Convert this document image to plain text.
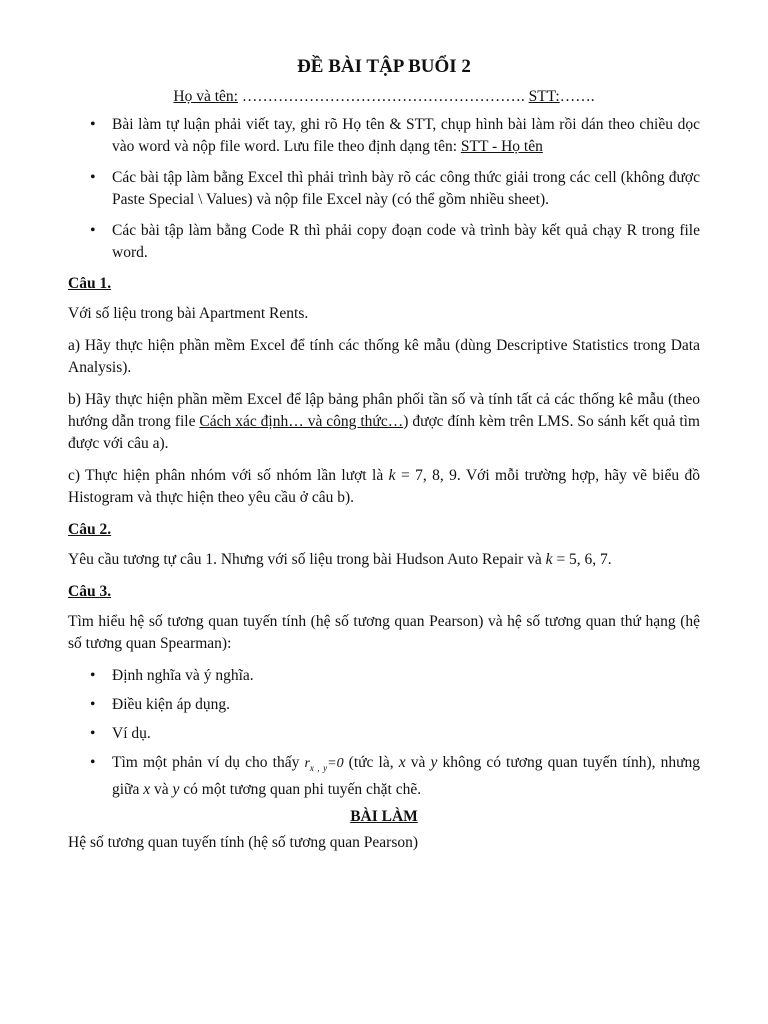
ĐỀ BÀI TẬP BUỔI 2
Họ và tên: ………………………………………………. STT:…….
• Bài làm tự luận phải viết tay, ghi rõ Họ tên & STT, chụp hình bài làm rồi dán theo chiều dọc vào word và nộp file word. Lưu file theo định dạng tên: STT - Họ tên
• Các bài tập làm bằng Excel thì phải trình bày rõ các công thức giải trong các cell (không được Paste Special \ Values) và nộp file Excel này (có thể gồm nhiều sheet).
• Các bài tập làm bằng Code R thì phải copy đoạn code và trình bày kết quả chạy R trong file word.

Câu 1.

Với số liệu trong bài Apartment Rents.

a) Hãy thực hiện phần mềm Excel để tính các thống kê mẫu (dùng Descriptive Statistics trong Data Analysis).

b) Hãy thực hiện phần mềm Excel để lập bảng phân phối tần số và tính tất cả các thống kê mẫu (theo hướng dẫn trong file Cách xác định… và công thức…) được đính kèm trên LMS. So sánh kết quả tìm được với câu a).

c) Thực hiện phân nhóm với số nhóm lần lượt là k = 7, 8, 9. Với mỗi trường hợp, hãy vẽ biểu đồ Histogram và thực hiện theo yêu cầu ở câu b).

Câu 2.

Yêu cầu tương tự câu 1. Nhưng với số liệu trong bài Hudson Auto Repair và k = 5, 6, 7.

Câu 3.

Tìm hiểu hệ số tương quan tuyến tính (hệ số tương quan Pearson) và hệ số tương quan thứ hạng (hệ số tương quan Spearman):

• Định nghĩa và ý nghĩa.
• Điều kiện áp dụng.
• Ví dụ.
• Tìm một phản ví dụ cho thấy $r_{x , y}=0$ (tức là, x và y không có tương quan tuyến tính), nhưng giữa x và y có một tương quan phi tuyến chặt chẽ.
BÀI LÀM

Hệ số tương quan tuyến tính (hệ số tương quan Pearson)
